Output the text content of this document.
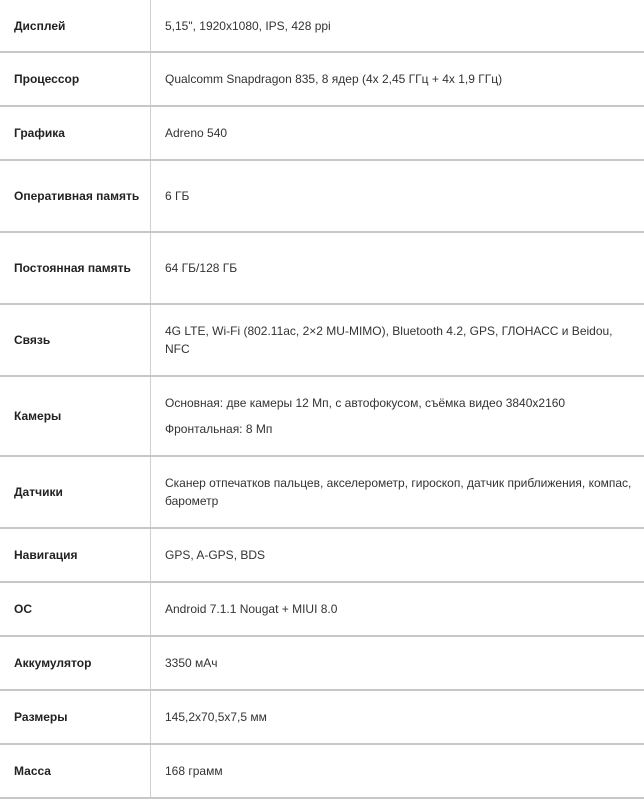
Дисплей	5,15", 1920x1080, IPS, 428 ppi

Процессор	Qualcomm Snapdragon 835, 8 ядер (4x 2,45 ГГц + 4x 1,9 ГГц)

Графика	Adreno 540

Оперативная память	6 ГБ

Постоянная память	64 ГБ/128 ГБ

Связь	4G LTE, Wi-Fi (802.11ac, 2×2 MU-MIMO), Bluetooth 4.2, GPS, ГЛОНАСС и Beidou, NFC

Камеры	Основная: две камеры 12 Мп, с автофокусом, съёмка видео 3840х2160

Фронтальная: 8 Мп

Датчики	Сканер отпечатков пальцев, акселерометр, гироскоп, датчик приближения, компас, барометр

Навигация	GPS, A-GPS, BDS

ОС	Android 7.1.1 Nougat + MIUI 8.0

Аккумулятор	3350 мАч

Размеры	145,2x70,5x7,5 мм

Масса	168 грамм
